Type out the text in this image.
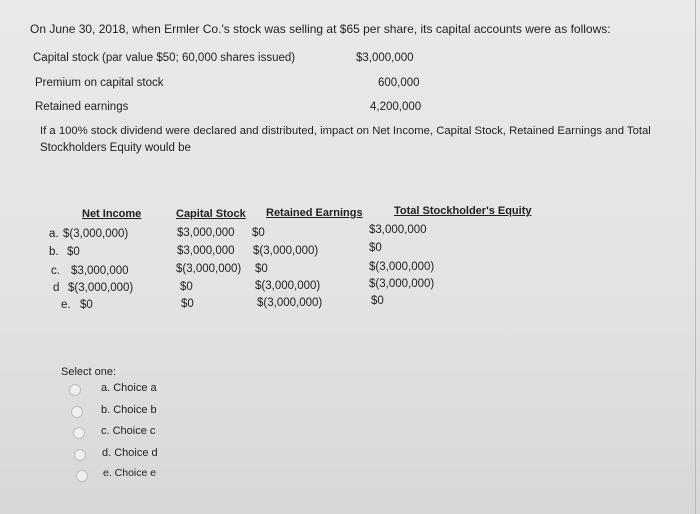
On June 30, 2018, when Ermler Co.'s stock was selling at $65 per share, its capital accounts were as follows:
Capital stock (par value $50; 60,000 shares issued)	$3,000,000
Premium on capital stock	600,000
Retained earnings	4,200,000
If a 100% stock dividend were declared and distributed, impact on Net Income, Capital Stock, Retained Earnings and Total
Stockholders Equity would be
Net Income	Capital Stock Retained Earnings	Total Stockholder's Equity
a. $(3,000,000)	$3,000,000 $0	$3,000,000
b. $0	$3,000,000 $(3,000,000)	$0
c. $3,000,000	$(3,000,000) $0	$(3,000,000)
d $(3,000,000)	$0	$(3,000,000)	$(3,000,000)
e. $0	$0	$(3,000,000)	$0
Select one:
a. Choice a
b. Choice b
c. Choice c
d. Choice d
e. Choice e
